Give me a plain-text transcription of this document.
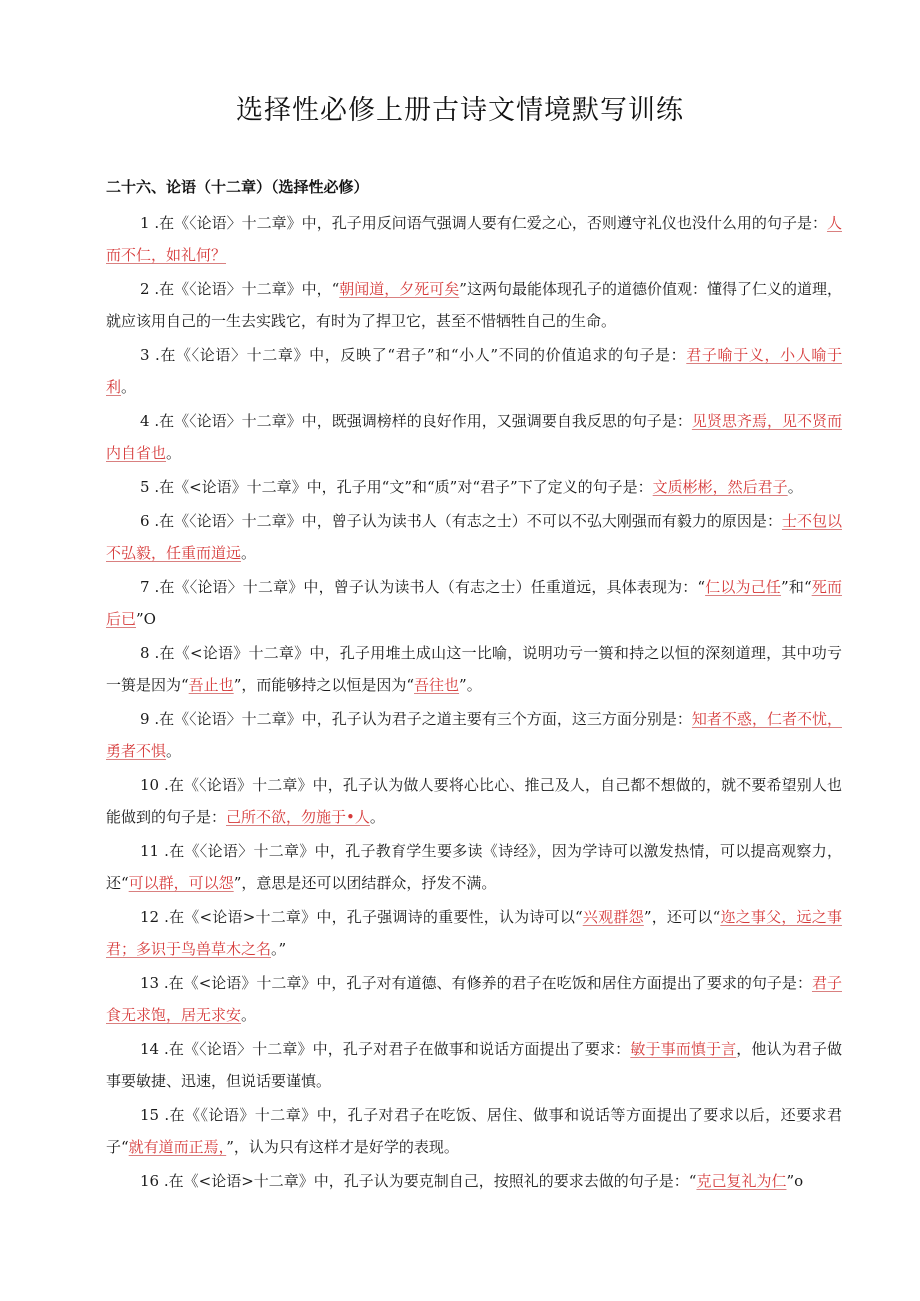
选择性必修上册古诗文情境默写训练
二十六、论语（十二章）（选择性必修）

1 .在《〈论语〉十二章》中，孔子用反问语气强调人要有仁爱之心，否则遵守礼仪也没什么用的句子是：人而不仁，如礼何？

2 .在《〈论语〉十二章》中，“朝闻道，夕死可矣”这两句最能体现孔子的道德价值观：懂得了仁义的道理，就应该用自己的一生去实践它，有时为了捍卫它，甚至不惜牺牲自己的生命。

3 .在《〈论语〉十二章》中，反映了“君子”和“小人”不同的价值追求的句子是：君子喻于义，小人喻于利。

4 .在《〈论语〉十二章》中，既强调榜样的良好作用，又强调要自我反思的句子是：见贤思齐焉，见不贤而内自省也。

5 .在《<论语》十二章》中，孔子用“文”和“质”对“君子”下了定义的句子是：文质彬彬，然后君子。

6 .在《〈论语〉十二章》中，曾子认为读书人（有志之士）不可以不弘大刚强而有毅力的原因是：士不包以不弘毅，任重而道远。

7 .在《〈论语〉十二章》中，曾子认为读书人（有志之士）任重道远，具体表现为：“仁以为己任”和“死而后已”O

8 .在《<论语》十二章》中，孔子用堆土成山这一比喻，说明功亏一篑和持之以恒的深刻道理，其中功亏一篑是因为“吾止也”，而能够持之以恒是因为“吾往也”。

9 .在《〈论语〉十二章》中，孔子认为君子之道主要有三个方面，这三方面分别是：知者不惑，仁者不忧，勇者不惧。

10 .在《〈论语》十二章》中，孔子认为做人要将心比心、推己及人，自己都不想做的，就不要希望别人也能做到的句子是：己所不欲，勿施于•人。

11 .在《〈论语〉十二章》中，孔子教育学生要多读《诗经》，因为学诗可以激发热情，可以提高观察力，还“可以群，可以怨”，意思是还可以团结群众，抒发不满。

12 .在《<论语>十二章》中，孔子强调诗的重要性，认为诗可以“兴观群怨”，还可以“迩之事父，远之事君；多识于鸟兽草木之名。”

13 .在《<论语》十二章》中，孔子对有道德、有修养的君子在吃饭和居住方面提出了要求的句子是：君子食无求饱，居无求安。

14 .在《〈论语〉十二章》中，孔子对君子在做事和说话方面提出了要求：敏于事而慎于言，他认为君子做事要敏捷、迅速，但说话要谨慎。

15 .在《《论语》十二章》中，孔子对君子在吃饭、居住、做事和说话等方面提出了要求以后，还要求君子“就有道而正焉，”，认为只有这样才是好学的表现。

16 .在《<论语>十二章》中，孔子认为要克制自己，按照礼的要求去做的句子是：“克己复礼为仁”o
